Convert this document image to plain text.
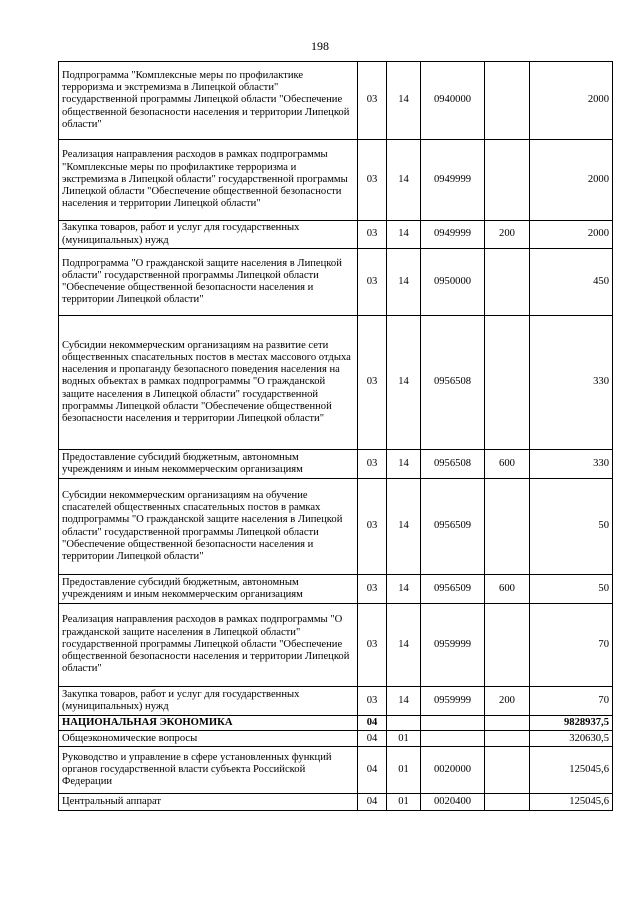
198
Подпрограмма "Комплексные меры по профилактике терроризма и экстремизма в Липецкой области" государственной программы Липецкой области "Обеспечение общественной безопасности населения и территории Липецкой области"	03	14	0940000		2000
Реализация направления расходов в рамках подпрограммы "Комплексные меры по профилактике терроризма и экстремизма в Липецкой области" государственной программы Липецкой области "Обеспечение общественной безопасности населения и территории Липецкой области"	03	14	0949999		2000
Закупка товаров, работ и услуг для государственных (муниципальных) нужд	03	14	0949999	200	2000
Подпрограмма "О гражданской защите населения в Липецкой области" государственной программы Липецкой области "Обеспечение общественной безопасности населения и территории Липецкой области"	03	14	0950000		450
Субсидии некоммерческим организациям на развитие сети общественных спасательных постов в местах массового отдыха населения и пропаганду безопасного поведения населения на водных объектах в рамках подпрограммы "О гражданской защите населения в Липецкой области" государственной программы Липецкой области "Обеспечение общественной безопасности населения и территории Липецкой области"	03	14	0956508		330
Предоставление субсидий бюджетным, автономным учреждениям и иным некоммерческим организациям	03	14	0956508	600	330
Субсидии некоммерческим организациям на обучение спасателей общественных спасательных постов в рамках подпрограммы "О гражданской защите населения в Липецкой области" государственной программы Липецкой области "Обеспечение общественной безопасности населения и территории Липецкой области"	03	14	0956509		50
Предоставление субсидий бюджетным, автономным учреждениям и иным некоммерческим организациям	03	14	0956509	600	50
Реализация направления расходов в рамках подпрограммы "О гражданской защите населения в Липецкой области" государственной программы Липецкой области "Обеспечение общественной безопасности населения и территории Липецкой области"	03	14	0959999		70
Закупка товаров, работ и услуг для государственных (муниципальных) нужд	03	14	0959999	200	70
НАЦИОНАЛЬНАЯ ЭКОНОМИКА	04				9828937,5
Общеэкономические вопросы	04	01			320630,5
Руководство и управление в сфере установленных функций органов государственной власти субъекта Российской Федерации	04	01	0020000		125045,6
Центральный аппарат	04	01	0020400		125045,6
